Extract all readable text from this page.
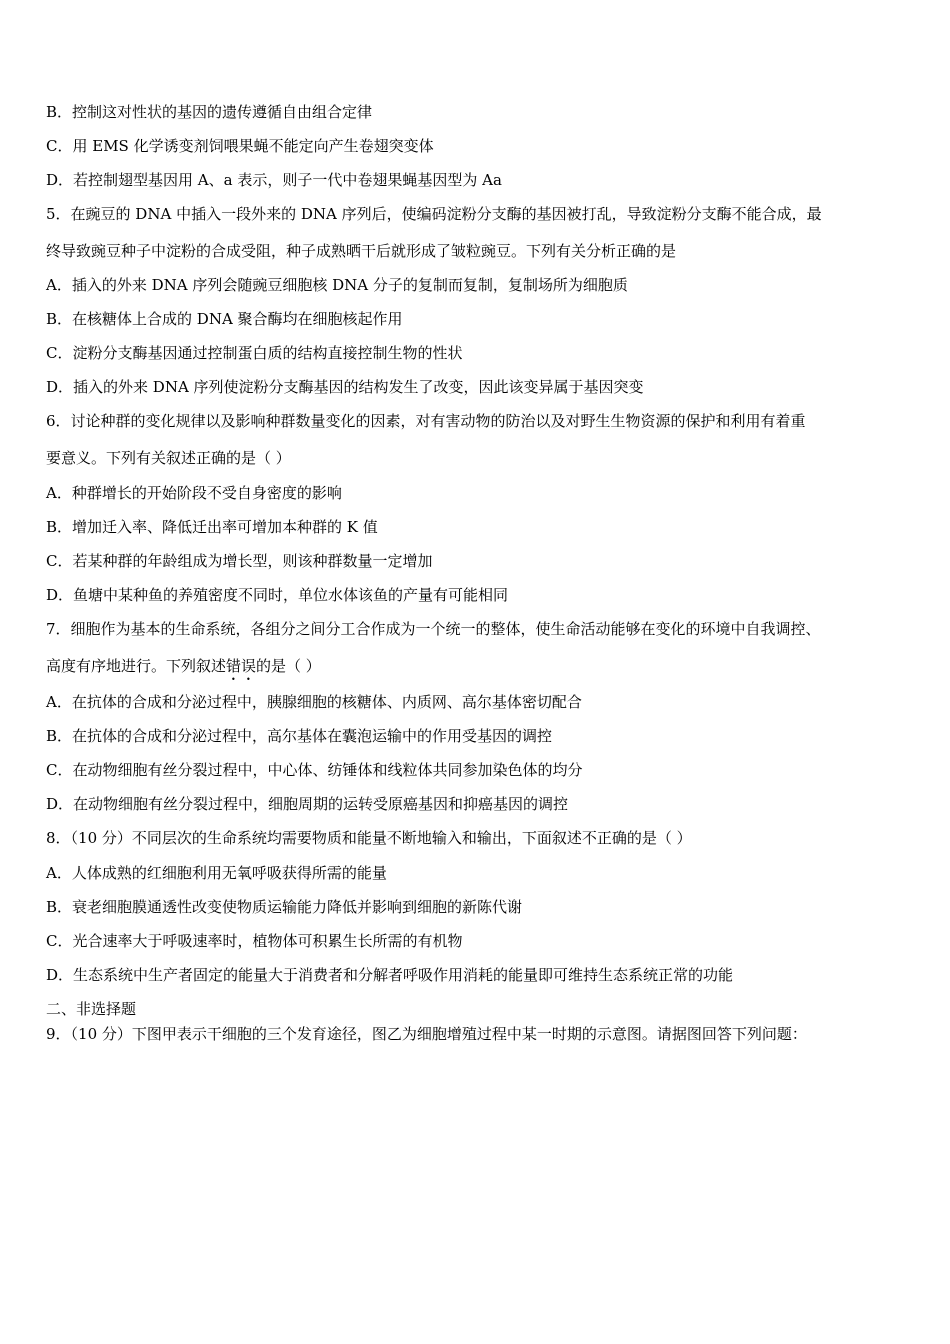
B．控制这对性状的基因的遗传遵循自由组合定律
C．用 EMS 化学诱变剂饲喂果蝇不能定向产生卷翅突变体
D．若控制翅型基因用 A、a 表示，则子一代中卷翅果蝇基因型为 Aa
5．在豌豆的 DNA 中插入一段外来的 DNA 序列后，使编码淀粉分支酶的基因被打乱，导致淀粉分支酶不能合成，最
终导致豌豆种子中淀粉的合成受阻，种子成熟晒干后就形成了皱粒豌豆。下列有关分析正确的是
A．插入的外来 DNA 序列会随豌豆细胞核 DNA 分子的复制而复制，复制场所为细胞质
B．在核糖体上合成的 DNA 聚合酶均在细胞核起作用
C．淀粉分支酶基因通过控制蛋白质的结构直接控制生物的性状
D．插入的外来 DNA 序列使淀粉分支酶基因的结构发生了改变，因此该变异属于基因突变
6．讨论种群的变化规律以及影响种群数量变化的因素，对有害动物的防治以及对野生生物资源的保护和利用有着重
要意义。下列有关叙述正确的是（ ）
A．种群增长的开始阶段不受自身密度的影响
B．增加迁入率、降低迁出率可增加本种群的 K 值
C．若某种群的年龄组成为增长型，则该种群数量一定增加
D．鱼塘中某种鱼的养殖密度不同时，单位水体该鱼的产量有可能相同
7．细胞作为基本的生命系统，各组分之间分工合作成为一个统一的整体，使生命活动能够在变化的环境中自我调控、
高度有序地进行。下列叙述错误的是（ ）
A．在抗体的合成和分泌过程中，胰腺细胞的核糖体、内质网、高尔基体密切配合
B．在抗体的合成和分泌过程中，高尔基体在囊泡运输中的作用受基因的调控
C．在动物细胞有丝分裂过程中，中心体、纺锤体和线粒体共同参加染色体的均分
D．在动物细胞有丝分裂过程中，细胞周期的运转受原癌基因和抑癌基因的调控
8．（10 分）不同层次的生命系统均需要物质和能量不断地输入和输出，下面叙述不正确的是（ ）
A．人体成熟的红细胞利用无氧呼吸获得所需的能量
B．衰老细胞膜通透性改变使物质运输能力降低并影响到细胞的新陈代谢
C．光合速率大于呼吸速率时，植物体可积累生长所需的有机物
D．生态系统中生产者固定的能量大于消费者和分解者呼吸作用消耗的能量即可维持生态系统正常的功能
二、非选择题
9．（10 分）下图甲表示干细胞的三个发育途径，图乙为细胞增殖过程中某一时期的示意图。请据图回答下列问题：
